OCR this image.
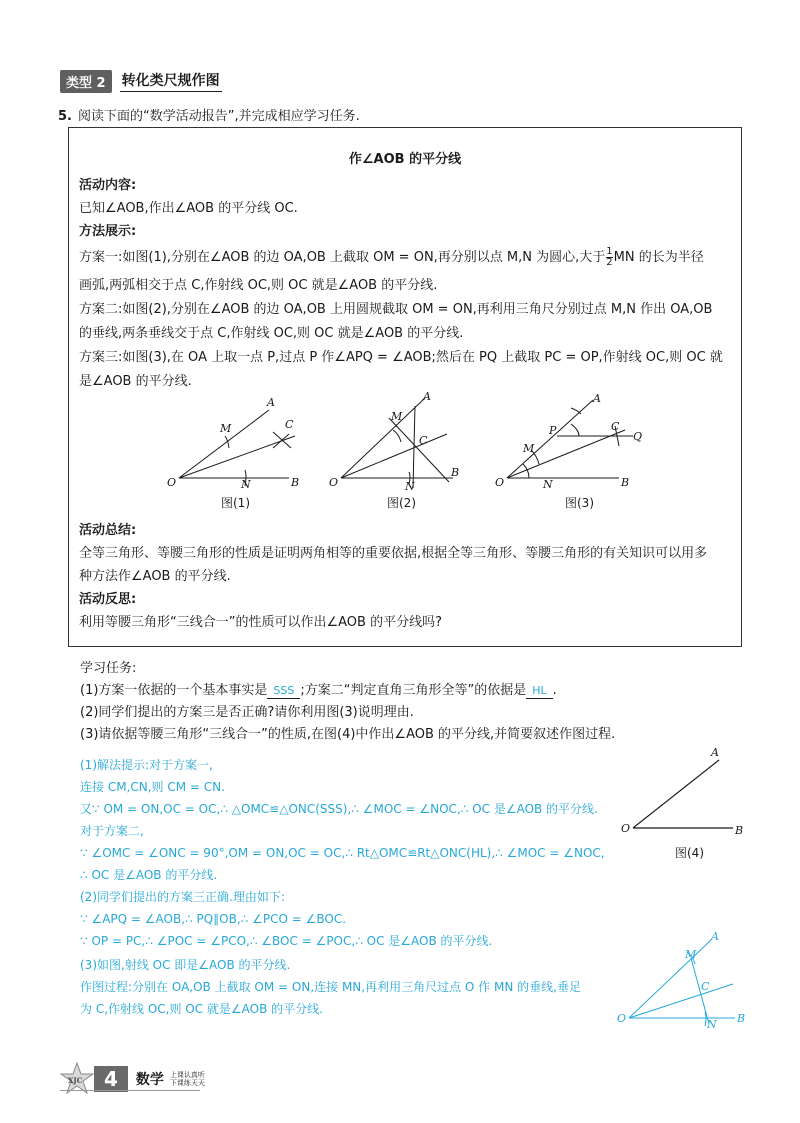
类型 2	转化类尺规作图
5. 阅读下面的“数学活动报告”,并完成相应学习任务.
作∠AOB 的平分线
活动内容:
已知∠AOB,作出∠AOB 的平分线 OC.
方法展示:
方案一:如图(1),分别在∠AOB 的边 OA,OB 上截取 OM = ON,再分别以点 M,N 为圆心,大于 $\frac{1}{2}$ MN 的长为半径
画弧,两弧相交于点 C,作射线 OC,则 OC 就是∠AOB 的平分线.
方案二:如图(2),分别在∠AOB 的边 OA,OB 上用圆规截取 OM = ON,再利用三角尺分别过点 M,N 作出 OA,OB
的垂线,两条垂线交于点 C,作射线 OC,则 OC 就是∠AOB 的平分线.
方案三:如图(3),在 OA 上取一点 P,过点 P 作∠APQ = ∠AOB;然后在 PQ 上截取 PC = OP,作射线 OC,则 OC 就
是∠AOB 的平分线.
O
A
B
M
N
C
图(1)
O
A
B
M
N
C
图(2)
O
A
B
M
N
P	C
Q
图(3)
活动总结:
全等三角形、等腰三角形的性质是证明两角相等的重要依据,根据全等三角形、等腰三角形的有关知识可以用多
种方法作∠AOB 的平分线.
活动反思:
利用等腰三角形“三线合一”的性质可以作出∠AOB 的平分线吗?
学习任务:
(1)方案一依据的一个基本事实是 SSS ;方案二“判定直角三角形全等”的依据是 HL .
(2)同学们提出的方案三是否正确?请你利用图(3)说明理由.
(3)请依据等腰三角形“三线合一”的性质,在图(4)中作出∠AOB 的平分线,并简要叙述作图过程.
O
A
B
图(4)
(1)解法提示:对于方案一,
连接 CM,CN,则 CM = CN.
又∵ OM = ON,OC = OC,∴ △OMC≌△ONC(SSS),∴ ∠MOC = ∠NOC,∴ OC 是∠AOB 的平分线.
对于方案二,
∵ ∠OMC = ∠ONC = 90°,OM = ON,OC = OC,∴ Rt△OMC≌Rt△ONC(HL),∴ ∠MOC = ∠NOC,
∴ OC 是∠AOB 的平分线.
(2)同学们提出的方案三正确.理由如下:
∵ ∠APQ = ∠AOB,∴ PQ∥OB,∴ ∠PCO = ∠BOC.
∵ OP = PC,∴ ∠POC = ∠PCO,∴ ∠BOC = ∠POC,∴ OC 是∠AOB 的平分线.
(3)如图,射线 OC 即是∠AOB 的平分线.
作图过程:分别在 OA,OB 上截取 OM = ON,连接 MN,再利用三角尺过点 O 作 MN 的垂线,垂足
为 C,作射线 OC,则 OC 就是∠AOB 的平分线.
O
A
B
M
N
C
XJC	4	数学 上课认真听
下课练天天
